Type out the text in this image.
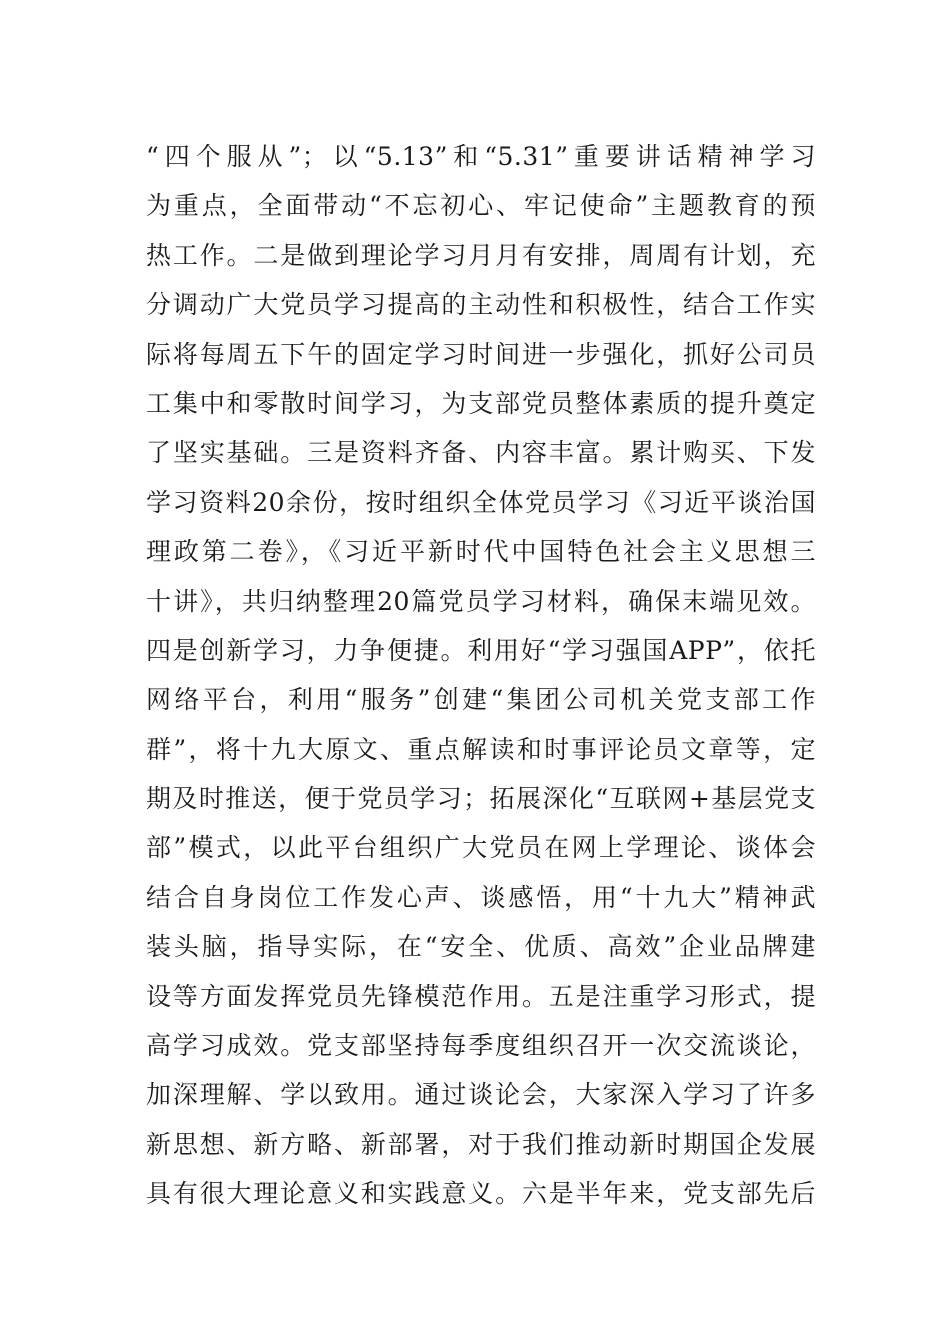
“四个服从”；以“5.13”和“5.31”重要讲话精神学习
为重点，全面带动“不忘初心、牢记使命”主题教育的预
热工作。二是做到理论学习月月有安排，周周有计划，充
分调动广大党员学习提高的主动性和积极性，结合工作实
际将每周五下午的固定学习时间进一步强化，抓好公司员
工集中和零散时间学习，为支部党员整体素质的提升奠定
了坚实基础。三是资料齐备、内容丰富。累计购买、下发
学习资料20余份，按时组织全体党员学习《习近平谈治国
理政第二卷》，《习近平新时代中国特色社会主义思想三
十讲》，共归纳整理20篇党员学习材料，确保末端见效。
四是创新学习，力争便捷。利用好“学习强国APP”，依托
网络平台，利用“服务”创建“集团公司机关党支部工作
群”，将十九大原文、重点解读和时事评论员文章等，定
期及时推送，便于党员学习；拓展深化“互联网+基层党支
部”模式，以此平台组织广大党员在网上学理论、谈体会
结合自身岗位工作发心声、谈感悟，用“十九大”精神武
装头脑，指导实际，在“安全、优质、高效”企业品牌建
设等方面发挥党员先锋模范作用。五是注重学习形式，提
高学习成效。党支部坚持每季度组织召开一次交流谈论，
加深理解、学以致用。通过谈论会，大家深入学习了许多
新思想、新方略、新部署，对于我们推动新时期国企发展
具有很大理论意义和实践意义。六是半年来，党支部先后
